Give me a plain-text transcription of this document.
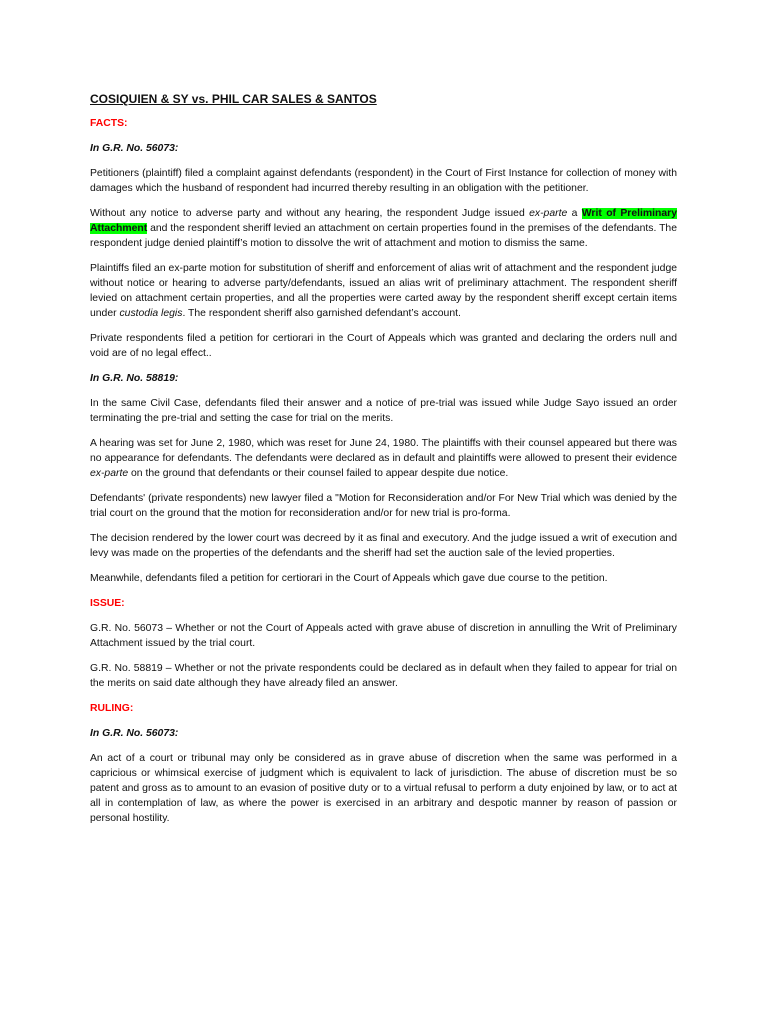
COSIQUIEN & SY vs. PHIL CAR SALES & SANTOS
FACTS:
In G.R. No. 56073:

Petitioners (plaintiff) filed a complaint against defendants (respondent) in the Court of First Instance for collection of money with damages which the husband of respondent had incurred thereby resulting in an obligation with the petitioner.

Without any notice to adverse party and without any hearing, the respondent Judge issued ex-parte a Writ of Preliminary Attachment and the respondent sheriff levied an attachment on certain properties found in the premises of the defendants. The respondent judge denied plaintiff’s motion to dissolve the writ of attachment and motion to dismiss the same.

Plaintiffs filed an ex-parte motion for substitution of sheriff and enforcement of alias writ of attachment and the respondent judge without notice or hearing to adverse party/defendants, issued an alias writ of preliminary attachment. The respondent sheriff levied on attachment certain properties, and all the properties were carted away by the respondent sheriff except certain items under custodia legis. The respondent sheriff also garnished defendant’s account.

Private respondents filed a petition for certiorari in the Court of Appeals which was granted and declaring the orders null and void are of no legal effect..

In G.R. No. 58819:

In the same Civil Case, defendants filed their answer and a notice of pre-trial was issued while Judge Sayo issued an order terminating the pre-trial and setting the case for trial on the merits.

A hearing was set for June 2, 1980, which was reset for June 24, 1980. The plaintiffs with their counsel appeared but there was no appearance for defendants. The defendants were declared as in default and plaintiffs were allowed to present their evidence ex-parte on the ground that defendants or their counsel failed to appear despite due notice.

Defendants' (private respondents) new lawyer filed a "Motion for Reconsideration and/or For New Trial which was denied by the trial court on the ground that the motion for reconsideration and/or for new trial is pro-forma.

The decision rendered by the lower court was decreed by it as final and executory. And the judge issued a writ of execution and levy was made on the properties of the defendants and the sheriff had set the auction sale of the levied properties.

Meanwhile, defendants filed a petition for certiorari in the Court of Appeals which gave due course to the petition.

ISSUE:

G.R. No. 56073 – Whether or not the Court of Appeals acted with grave abuse of discretion in annulling the Writ of Preliminary Attachment issued by the trial court.

G.R. No. 58819 – Whether or not the private respondents could be declared as in default when they failed to appear for trial on the merits on said date although they have already filed an answer.

RULING:
In G.R. No. 56073:

An act of a court or tribunal may only be considered as in grave abuse of discretion when the same was performed in a capricious or whimsical exercise of judgment which is equivalent to lack of jurisdiction. The abuse of discretion must be so patent and gross as to amount to an evasion of positive duty or to a virtual refusal to perform a duty enjoined by law, or to act at all in contemplation of law, as where the power is exercised in an arbitrary and despotic manner by reason of passion or personal hostility.
